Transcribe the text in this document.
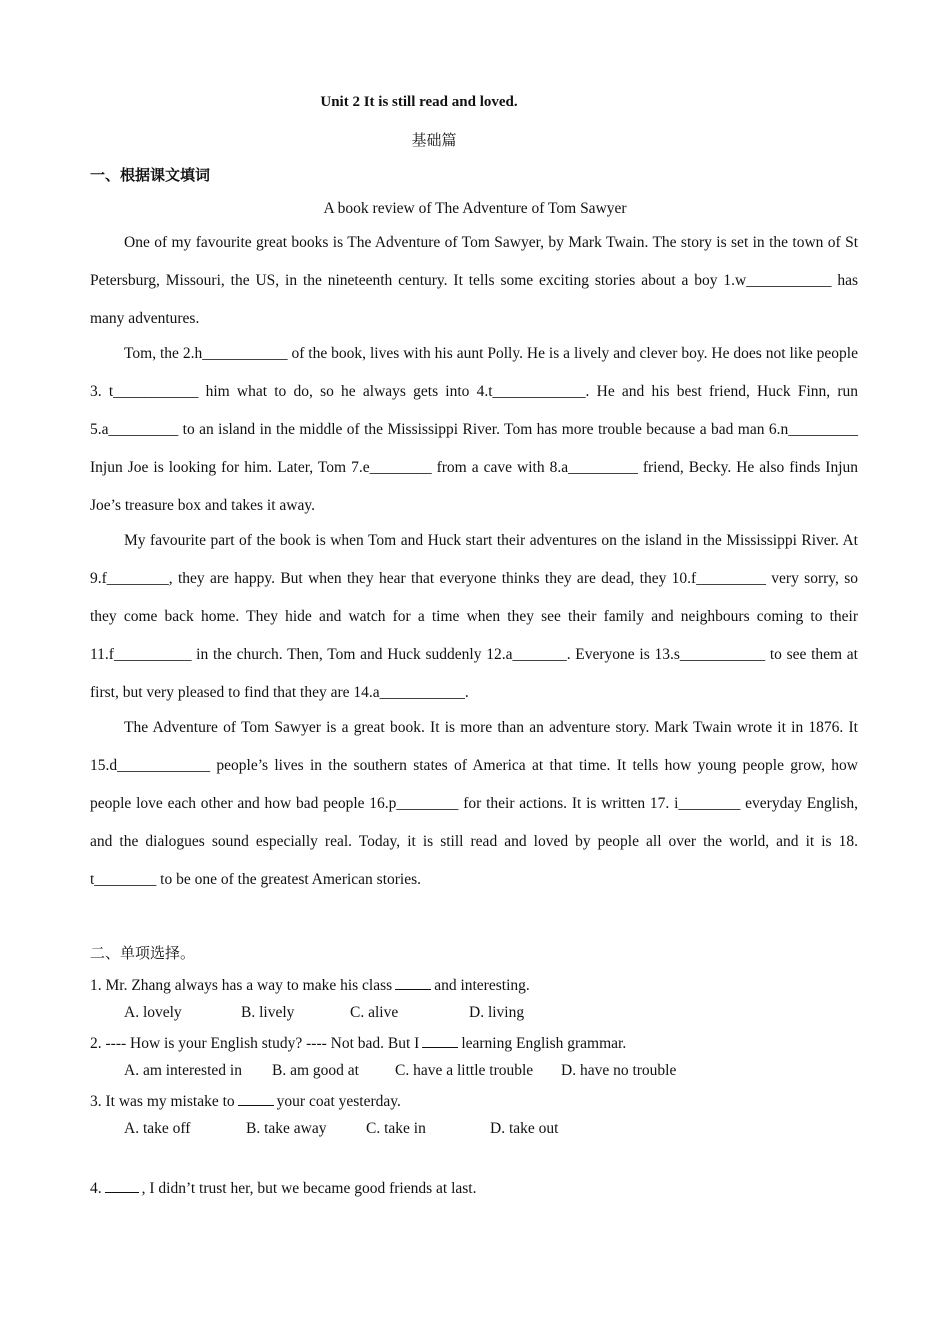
Unit 2 It is still read and loved.
基础篇
一、根据课文填词
A book review of The Adventure of Tom Sawyer

One of my favourite great books is The Adventure of Tom Sawyer, by Mark Twain. The story is set in the town of St Petersburg, Missouri, the US, in the nineteenth century. It tells some exciting stories about a boy 1.w___________ has many adventures.

Tom, the 2.h___________ of the book, lives with his aunt Polly. He is a lively and clever boy. He does not like people 3. t___________ him what to do, so he always gets into 4.t____________. He and his best friend, Huck Finn, run 5.a_________ to an island in the middle of the Mississippi River. Tom has more trouble because a bad man 6.n_________ Injun Joe is looking for him. Later, Tom 7.e________ from a cave with 8.a_________ friend, Becky. He also finds Injun Joe’s treasure box and takes it away.

My favourite part of the book is when Tom and Huck start their adventures on the island in the Mississippi River. At 9.f________, they are happy. But when they hear that everyone thinks they are dead, they 10.f_________ very sorry, so they come back home. They hide and watch for a time when they see their family and neighbours coming to their 11.f__________ in the church. Then, Tom and Huck suddenly 12.a_______. Everyone is 13.s___________ to see them at first, but very pleased to find that they are 14.a___________.

The Adventure of Tom Sawyer is a great book. It is more than an adventure story. Mark Twain wrote it in 1876. It 15.d____________ people’s lives in the southern states of America at that time. It tells how young people grow, how people love each other and how bad people 16.p________ for their actions. It is written 17. i________ everyday English, and the dialogues sound especially real. Today, it is still read and loved by people all over the world, and it is 18. t________ to be one of the greatest American stories.

二、单项选择。
1. Mr. Zhang always has a way to make his class	and interesting.
A. lovely	B. lively	C. alive	D. living
2. ---- How is your English study? ---- Not bad. But I	learning English grammar.
A. am interested in B. am good at C. have a little trouble D. have no trouble
3. It was my mistake to	your coat yesterday.
A. take off	B. take away	C. take in	D. take out
4.	, I didn’t trust her, but we became good friends at last.
